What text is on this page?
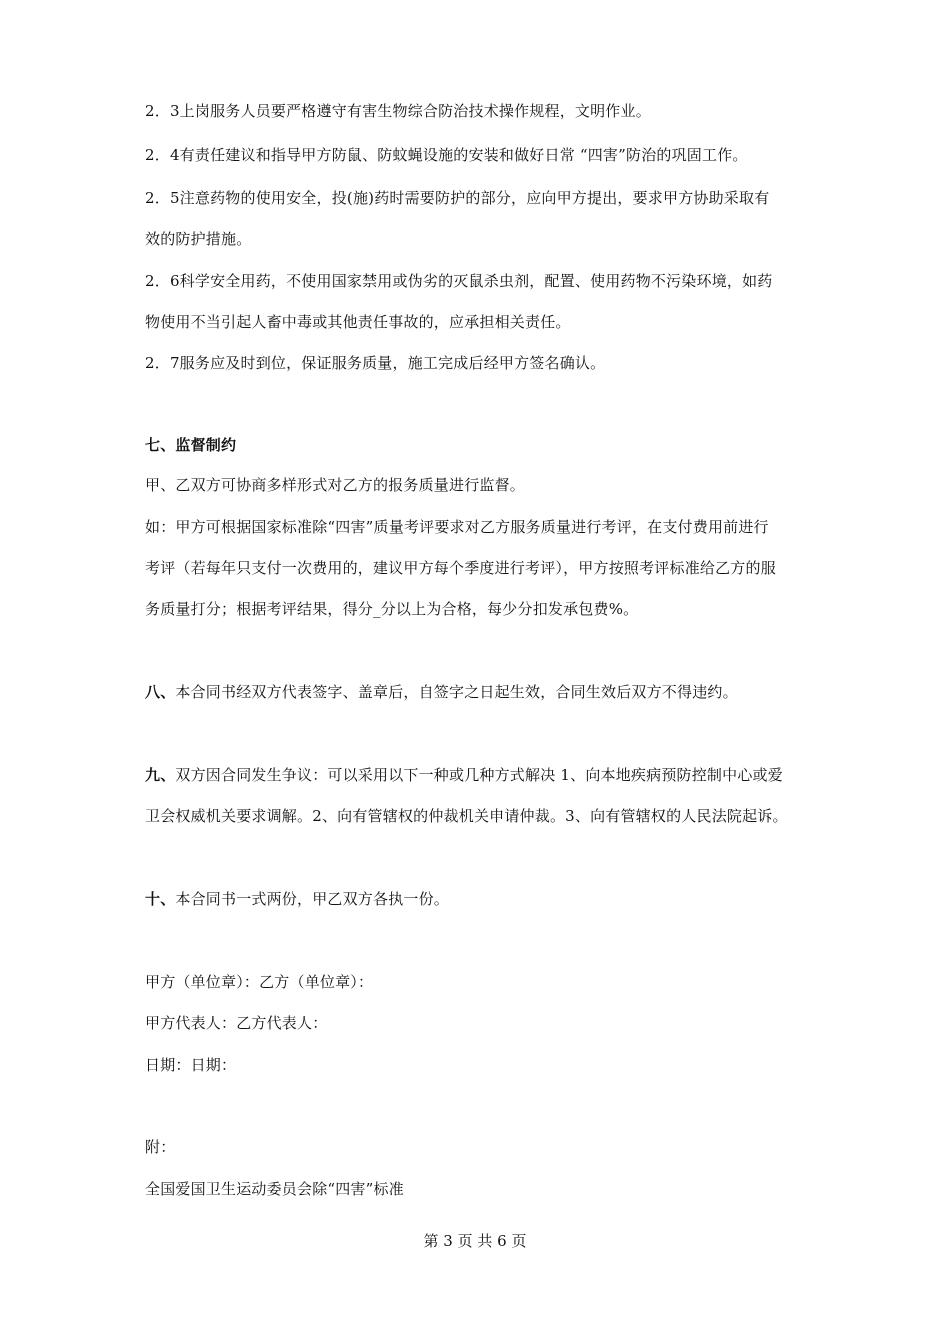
2．3上岗服务人员要严格遵守有害生物综合防治技术操作规程，文明作业。
2．4有责任建议和指导甲方防鼠、防蚊蝇设施的安装和做好日常 “四害”防治的巩固工作。
2．5注意药物的使用安全，投(施)药时需要防护的部分，应向甲方提出，要求甲方协助采取有
效的防护措施。
2．6科学安全用药，不使用国家禁用或伪劣的灭鼠杀虫剂，配置、使用药物不污染环境，如药
物使用不当引起人畜中毒或其他责任事故的，应承担相关责任。
2．7服务应及时到位，保证服务质量，施工完成后经甲方签名确认。
七、监督制约
甲、乙双方可协商多样形式对乙方的报务质量进行监督。
如：甲方可根据国家标准除“四害”质量考评要求对乙方服务质量进行考评，在支付费用前进行
考评（若每年只支付一次费用的，建议甲方每个季度进行考评），甲方按照考评标准给乙方的服
务质量打分；根据考评结果，得分_分以上为合格，每少分扣发承包费%。
八、本合同书经双方代表签字、盖章后，自签字之日起生效，合同生效后双方不得违约。
九、双方因合同发生争议：可以采用以下一种或几种方式解决 1、向本地疾病预防控制中心或爱
卫会权威机关要求调解。2、向有管辖权的仲裁机关申请仲裁。3、向有管辖权的人民法院起诉。
十、本合同书一式两份，甲乙双方各执一份。
甲方（单位章）：乙方（单位章）：
甲方代表人：乙方代表人：
日期：日期：
附：
全国爱国卫生运动委员会除“四害”标准
第 3 页 共 6 页
